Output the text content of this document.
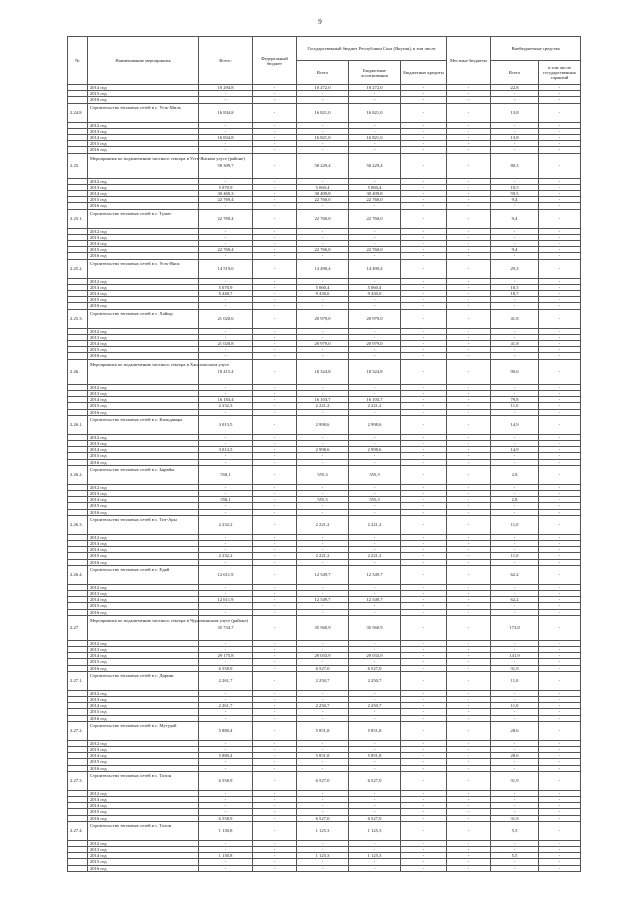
9
№	Наименование мероприятия	Всего:	Федеральный бюджет	Государственный бюджет Республики Саха (Якутия), в том числе			Местные бюджеты	Внебюджетные средства	
				Всего	Бюджетные ассигнования	Бюджетные кредиты		Всего	в том числе государственных гарантий
	2014 год	10 294,8	-	10 272,0	10 272,0	-	-	22,8	-
	2015 год	-	-	-	-	-	-	-	-
	2016 год	-	-	-	-	-	-	-	-
2.24.8	Строительство тепловых сетей в с. Усть-Миль	16 834,8	-	16 821,0	16 821,0	-	-	13,8	-
	2012 год	-	-	-	-	-	-	-	-
	2013 год	-	-	-	-	-	-	-	-
	2014 год	16 834,8	-	16 821,0	16 821,0	-	-	13,8	-
	2015 год	-	-	-	-	-	-	-	-
	2016 год	-	-	-	-	-	-	-	-
2.25.	Мероприятия по подключению частного сектора в Усть-Янском улусе (районе)	58 309,7	-	58 229,4	58 229,4	-	-	80,3	-
	2012 год	-	-	-	-	-	-	-	-
	2013 год	5 070,9	-	5 060,4	5 060,4	-	-	10,5	-
	2014 год	30 469,3	-	30 409,8	30 409,8	-	-	59,5	-
	2015 год	22 769,4	-	22 760,0	22 760,0	-	-	9,4	-
	2016 год	-	-	-	-	-	-	-	-
2.25.1.	Строительство тепловых сетей в с. Тумат	22 769,4	-	22 760,0	22 760,0	-	-	9,4	-
	2012 год	-	-	-	-	-	-	-	-
	2013 год	-	-	-	-	-	-	-	-
	2014 год	-	-	-	-	-	-	-	-
	2015 год	22 769,4	-	22 760,0	22 760,0	-	-	9,4	-
	2016 год	-	-	-	-	-	-	-	-
2.25.2.	Строительство тепловых сетей в с. Усть-Янск	14 519,6	-	14 490,4	14 490,4	-	-	29,3	-
	2012 год	-	-	-	-	-	-	-	-
	2013 год	5 070,9	-	5 060,4	5 060,4	-	-	10,5	-
	2014 год	9 448,7	-	9 430,0	9 430,0	-	-	18,7	-
	2015 год	-	-	-	-	-	-	-	-
	2016 год	-	-	-	-	-	-	-	-
2.25.3.	Строительство тепловых сетей в с. Хайыр	21 020,6	-	20 979,0	20 979,0	-	-	41,8	-
	2012 год	-	-	-	-	-	-	-	-
	2013 год	-	-	-	-	-	-	-	-
	2014 год	21 020,8	-	20 979,0	20 979,0	-	-	41,8	-
	2015 год	-	-	-	-	-	-	-	-
	2016 год	-	-	-	-	-	-	-	-
2.26.	Мероприятия по подключению частного сектора в Хангаласском улусе	18 415,4	-	18 324,8	18 324,8	-	-	90,6	-
	2012 год	-	-	-	-	-	-	-	-
	2013 год	-	-	-	-	-	-	-	-
	2014 год	16 183,4	-	16 103,7	16 103,7	-	-	79,8	-
	2015 год	2 232,3	-	2 221,2	2 221,2	-	-	11,0	-
	2016 год	-	-	-	-	-	-	-	-
2.26.1.	Строительство тепловых сетей в с. Кильдямцы	3 013,5	-	2 998,6	2 998,6	-	-	14,9	-
	2012 год	-	-	-	-	-	-	-	-
	2013 год	-	-	-	-	-	-	-	-
	2014 год	3 013,5	-	2 998,6	2 998,6	-	-	14,9	-
	2015 год	-	-	-	-	-	-	-	-
	2016 год	-	-	-	-	-	-	-	-
2.26.2.	Строительство тепловых сетей в с. Бярайы	558,1	-	555,3	555,3	-	-	2,8	-
	2012 год	-	-	-	-	-	-	-	-
	2013 год	-	-	-	-	-	-	-	-
	2014 год	558,1	-	555,3	555,3	-	-	2,8	-
	2015 год	-	-	-	-	-	-	-	-
	2016 год	-	-	-	-	-	-	-	-
2.26.3.	Строительство тепловых сетей в с. Тит-Ары	2 232,2	-	2 221,2	2 221,2	-	-	11,0	-
	2012 год	-	-	-	-	-	-	-	-
	2013 год	-	-	-	-	-	-	-	-
	2014 год	-	-	-	-	-	-	-	-
	2015 год	2 232,2	-	2 221,2	2 221,2	-	-	11,0	-
	2016 год	-	-	-	-	-	-	-	-
2.26.4.	Строительство тепловых сетей в с. Едяй	12 611,9	-	12 549,7	12 549,7	-	-	62,2	-
	2012 год	-	-	-	-	-	-	-	-
	2013 год	-	-	-	-	-	-	-	-
	2014 год	12 611,9	-	12 549,7	12 549,7	-	-	62,2	-
	2015 год	-	-	-	-	-	-	-	-
	2016 год	-	-	-	-	-	-	-	-
2.27.	Мероприятия по подключению частного сектора в Чурапчинском улусе (районе)	35 734,7	-	35 560,9	35 560,9	-	-	173,8	-
	2012 год	-	-	-	-	-	-	-	-
	2013 год	-	-	-	-	-	-	-	-
	2014 год	29 175,8	-	29 033,9	29 033,9	-	-	141,9	-
	2015 год	-	-	-	-	-	-	-	-
	2016 год	6 558,9	-	6 527,0	6 527,0	-	-	31,9	-
2.27.1.	Строительство тепловых сетей в с. Диринг	2 261,7	-	2 250,7	2 250,7	-	-	11,0	-
	2012 год	-	-	-	-	-	-	-	-
	2013 год	-	-	-	-	-	-	-	-
	2014 год	2 261,7	-	2 250,7	2 250,7	-	-	11,0	-
	2015 год	-	-	-	-	-	-	-	-
	2016 год	-	-	-	-	-	-	-	-
2.27.2.	Строительство тепловых сетей в с. Мугудай	5 880,4	-	5 851,8	5 851,8	-	-	28,6	-
	2012 год	-	-	-	-	-	-	-	-
	2013 год	-	-	-	-	-	-	-	-
	2014 год	5 880,4	-	5 851,8	5 851,8	-	-	28,6	-
	2015 год	-	-	-	-	-	-	-	-
	2016 год	-	-	-	-	-	-	-	-
2.27.3.	Строительство тепловых сетей в с. Толон	6 558,9	-	6 527,0	6 527,0	-	-	31,9	-
	2012 год	-	-	-	-	-	-	-	-
	2013 год	-	-	-	-	-	-	-	-
	2014 год	-	-	-	-	-	-	-	-
	2015 год	-	-	-	-	-	-	-	-
	2016 год	6 558,9	-	6 527,0	6 527,0	-	-	31,9	-
2.27.4.	Строительство тепловых сетей в с. Толон	1 130,8	-	1 125,3	1 125,3	-	-	5,5	-
	2012 год	-	-	-	-	-	-	-	-
	2013 год	-	-	-	-	-	-	-	-
	2014 год	1 130,8	-	1 125,3	1 125,3	-	-	5,5	-
	2015 год	-	-	-	-	-	-	-	-
	2016 год	-	-	-	-	-	-	-	-
